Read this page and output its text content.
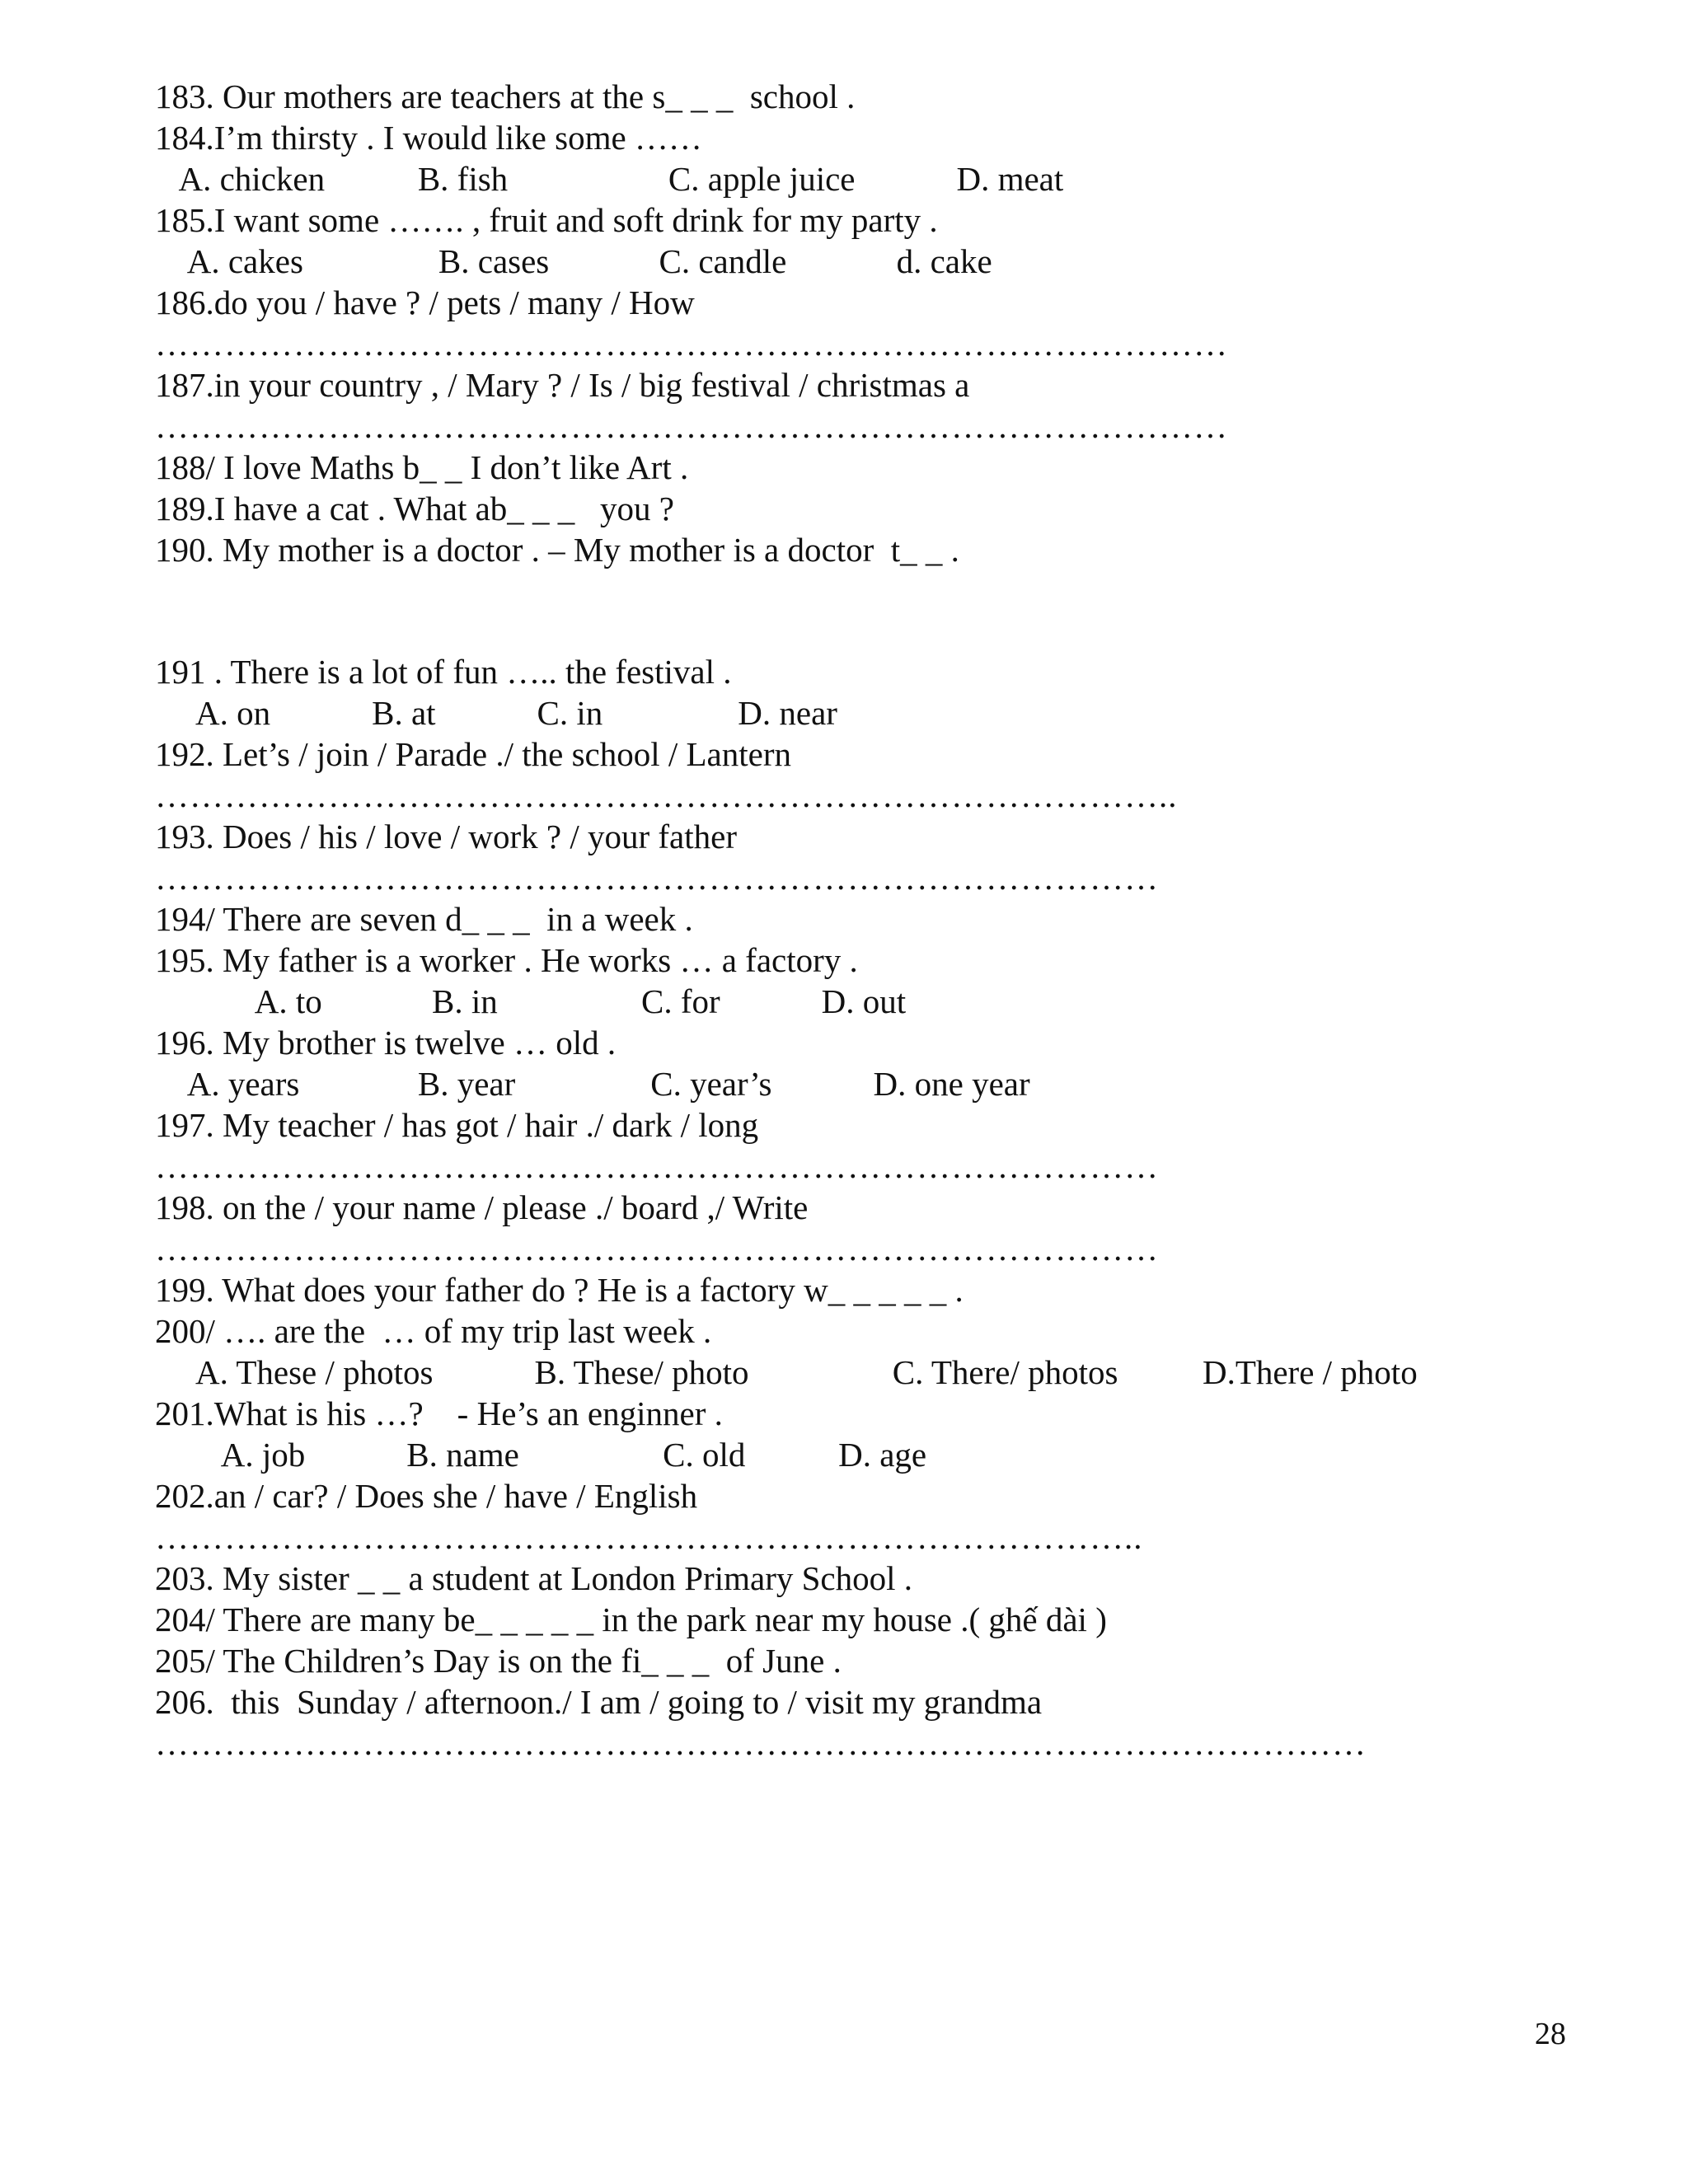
183. Our mothers are teachers at the s_ _ _  school .
184.I’m thirsty . I would like some ……
A. chicken           B. fish                   C. apple juice            D. meat
185.I want some ……. , fruit and soft drink for my party .
A. cakes                B. cases             C. candle             d. cake
186.do you / have ? / pets / many / How
…………………………………………………………………………………
187.in your country , / Mary ? / Is / big festival / christmas a
…………………………………………………………………………………
188/ I love Maths b_ _ I don’t like Art .
189.I have a cat . What ab_ _ _   you ?
190. My mother is a doctor . – My mother is a doctor  t_ _ .
191 . There is a lot of fun ….. the festival .
A. on            B. at            C. in                D. near
192. Let’s / join / Parade ./ the school / Lantern
……………………………………………………………………………..
193. Does / his / love / work ? / your father
……………………………………………………………………………
194/ There are seven d_ _ _  in a week .
195. My father is a worker . He works … a factory .
A. to             B. in                 C. for            D. out
196. My brother is twelve … old .
A. years              B. year                C. year’s            D. one year
197. My teacher / has got / hair ./ dark / long
……………………………………………………………………………
198. on the / your name / please ./ board ,/ Write
……………………………………………………………………………
199. What does your father do ? He is a factory w_ _ _ _ _ .
200/ …. are the  … of my trip last week .
A. These / photos            B. These/ photo                 C. There/ photos          D.There / photo
201.What is his …?    - He’s an enginner .
A. job            B. name                 C. old           D. age
202.an / car? / Does she / have / English
…………………………………………………………………………..
203. My sister _ _ a student at London Primary School .
204/ There are many be_ _ _ _ _ in the park near my house .( ghế dài )
205/ The Children’s Day is on the fi_ _ _  of June .
206.  this  Sunday / afternoon./ I am / going to / visit my grandma
……………………………………………………………………………………………
28
